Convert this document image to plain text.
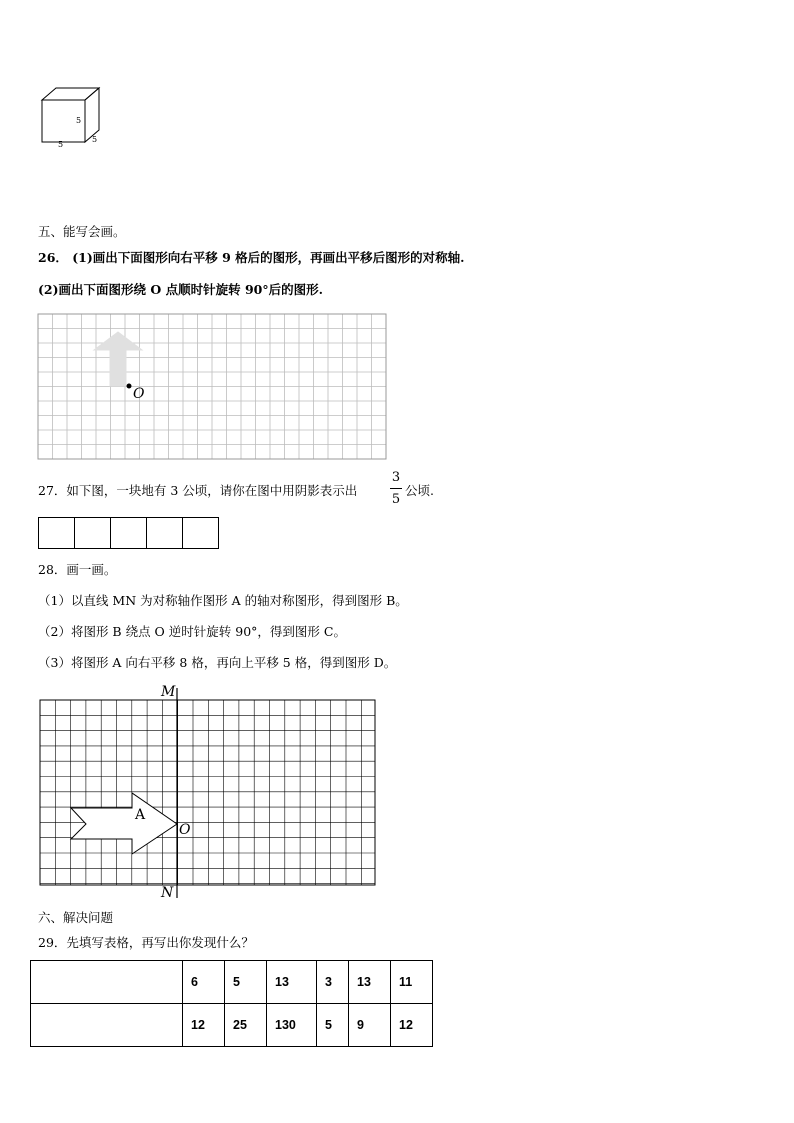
5
5
5
五、能写会画。
26． (1)画出下面图形向右平移 9 格后的图形，再画出平移后图形的对称轴.
(2)画出下面图形绕 O 点顺时针旋转 90°后的图形.
O
27．如下图，一块地有 3 公顷，请你在图中用阴影表示出
3
5
公顷.
28．画一画。
（1）以直线 MN 为对称轴作图形 A 的轴对称图形，得到图形 B。
（2）将图形 B 绕点 O 逆时针旋转 90°，得到图形 C。
（3）将图形 A 向右平移 8 格，再向上平移 5 格，得到图形 D。
M
N
O
A
六、解决问题
29．先填写表格，再写出你发现什么？
	6	5	13	3	13	11
	12	25	130	5	9	12
